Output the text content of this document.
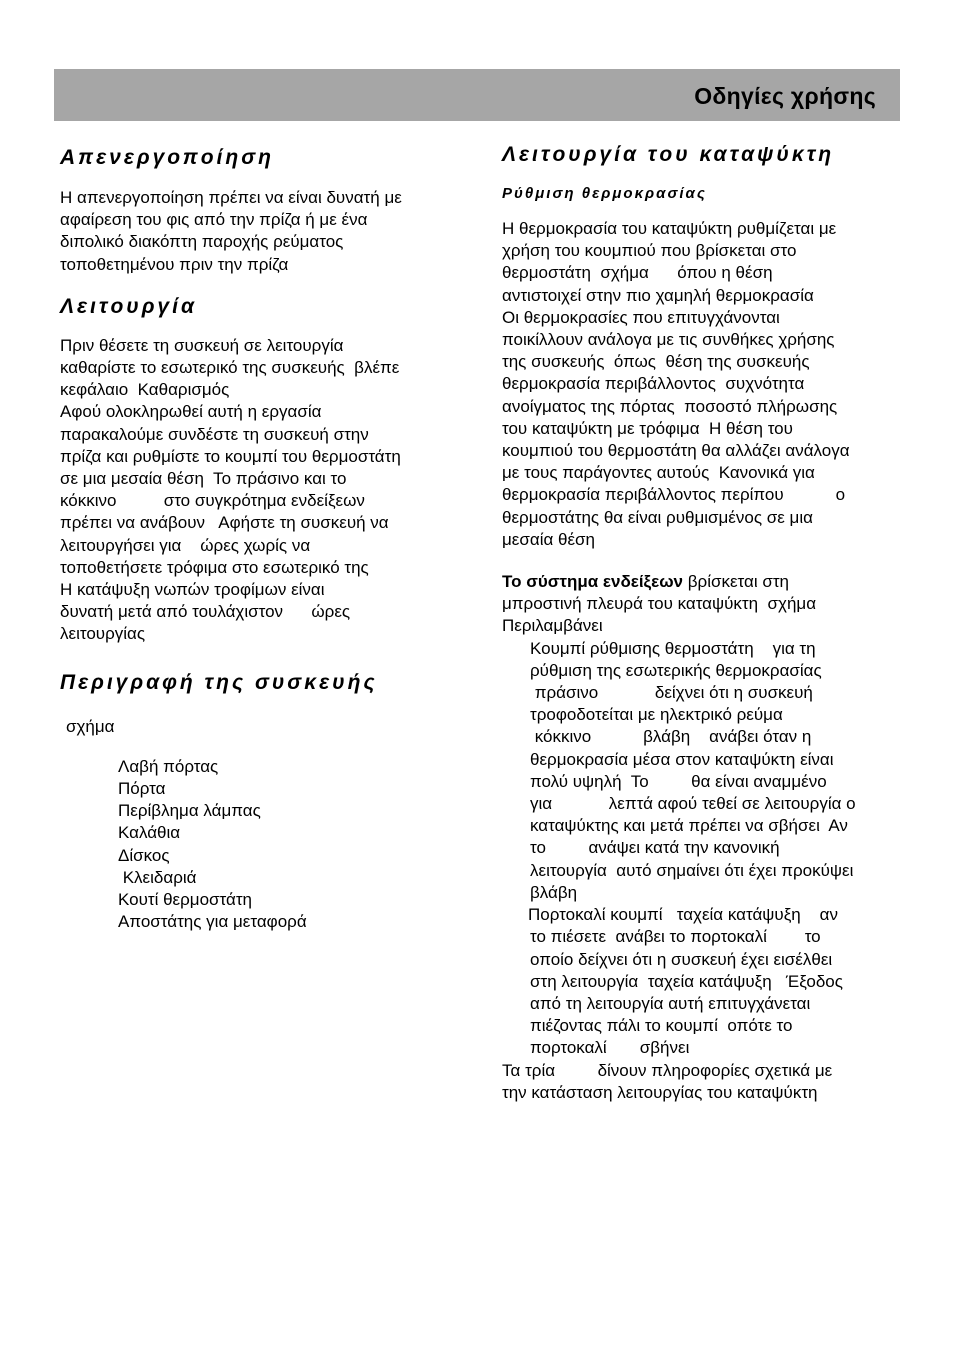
Οδηγίες χρήσης
Απενεργοποίηση
Η απενεργοποίηση πρέπει να είναι δυνατή με
αφαίρεση του φις από την πρίζα ή με ένα
διπολικό διακόπτη παροχής ρεύματος
τοποθετημένου πριν την πρίζα
Λειτουργία
Πριν θέσετε τη συσκευή σε λειτουργία
καθαρίστε το εσωτερικό της συσκευής  βλέπε
κεφάλαιο  Καθαρισμός
Αφού ολοκληρωθεί αυτή η εργασία
παρακαλούμε συνδέστε τη συσκευή στην
πρίζα και ρυθμίστε το κουμπί του θερμοστάτη
σε μια μεσαία θέση  Το πράσινο και το
κόκκινο          στο συγκρότημα ενδείξεων
πρέπει να ανάβουν   Αφήστε τη συσκευή να
λειτουργήσει για    ώρες χωρίς να
τοποθετήσετε τρόφιμα στο εσωτερικό της
Η κατάψυξη νωπών τροφίμων είναι
δυνατή μετά από τουλάχιστον      ώρες
λειτουργίας
Περιγραφή της συσκευής
σχήμα
Λαβή πόρτας
Πόρτα
Περίβλημα λάμπας
Καλάθια
Δίσκος
Κλειδαριά
Κουτί θερμοστάτη
Αποστάτης για μεταφορά
Λειτουργία του καταψύκτη
Ρύθμιση θερμοκρασίας
Η θερμοκρασία του καταψύκτη ρυθμίζεται με
χρήση του κουμπιού που βρίσκεται στο
θερμοστάτη  σχήμα      όπου η θέση
αντιστοιχεί στην πιο χαμηλή θερμοκρασία
Οι θερμοκρασίες που επιτυγχάνονται
ποικίλλουν ανάλογα με τις συνθήκες χρήσης
της συσκευής  όπως  θέση της συσκευής
θερμοκρασία περιβάλλοντος  συχνότητα
ανοίγματος της πόρτας  ποσοστό πλήρωσης
του καταψύκτη με τρόφιμα  Η θέση του
κουμπιού του θερμοστάτη θα αλλάζει ανάλογα
με τους παράγοντες αυτούς  Κανονικά για
θερμοκρασία περιβάλλοντος περίπου           ο
θερμοστάτης θα είναι ρυθμισμένος σε μια
μεσαία θέση
Το σύστημα ενδείξεων βρίσκεται στη
μπροστινή πλευρά του καταψύκτη  σχήμα
Περιλαμβάνει
Κουμπί ρύθμισης θερμοστάτη    για τη
ρύθμιση της εσωτερικής θερμοκρασίας
πράσινο            δείχνει ότι η συσκευή
τροφοδοτείται με ηλεκτρικό ρεύμα
κόκκινο           βλάβη    ανάβει όταν η
θερμοκρασία μέσα στον καταψύκτη είναι
πολύ υψηλή  Το         θα είναι αναμμένο
για            λεπτά αφού τεθεί σε λειτουργία ο
καταψύκτης και μετά πρέπει να σβήσει  Αν
το         ανάψει κατά την κανονική
λειτουργία  αυτό σημαίνει ότι έχει προκύψει
βλάβη
Πορτοκαλί κουμπί   ταχεία κατάψυξη    αν
το πιέσετε  ανάβει το πορτοκαλί        το
οποίο δείχνει ότι η συσκευή έχει εισέλθει
στη λειτουργία  ταχεία κατάψυξη   Έξοδος
από τη λειτουργία αυτή επιτυγχάνεται
πιέζοντας πάλι το κουμπί  οπότε το
πορτοκαλί       σβήνει
Τα τρία         δίνουν πληροφορίες σχετικά με
την κατάσταση λειτουργίας του καταψύκτη
